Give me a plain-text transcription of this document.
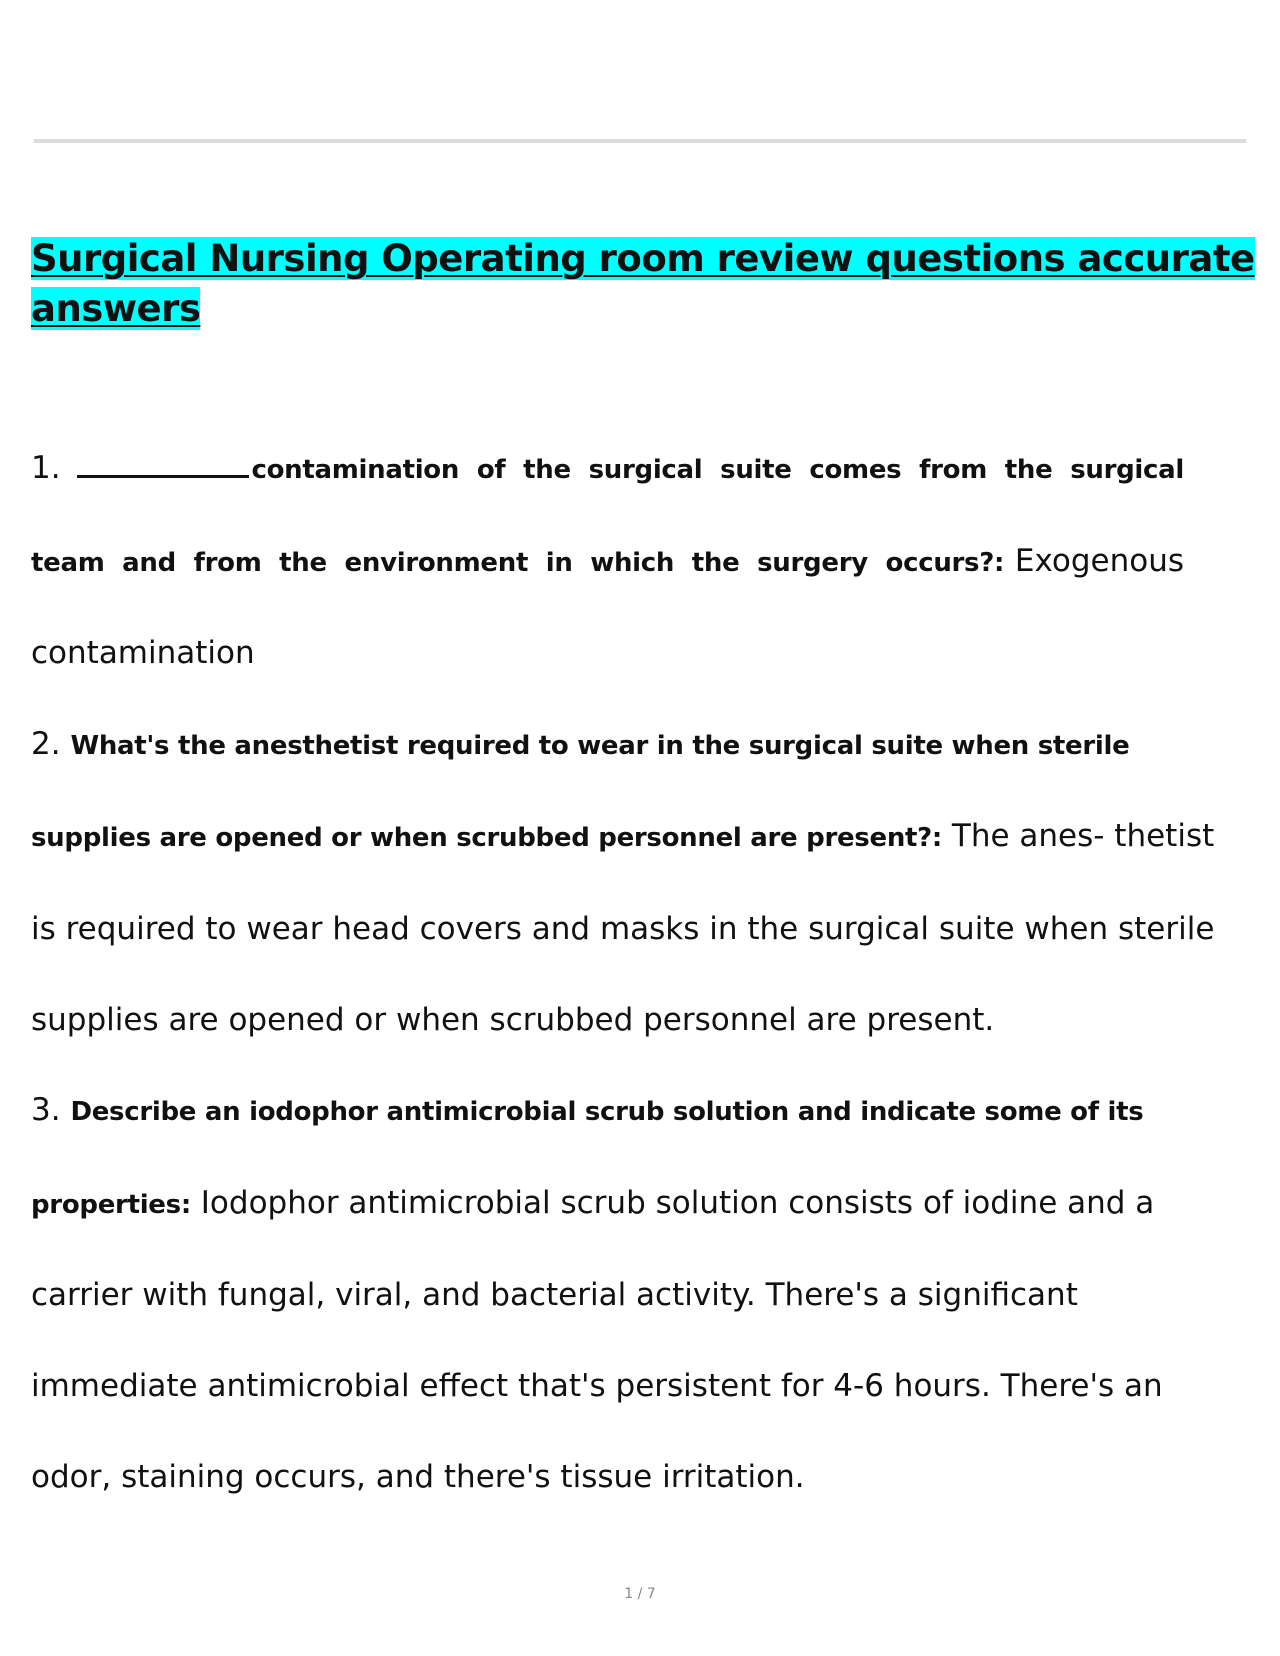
Surgical Nursing Operating room review questions accurate answers

1.	contamination of the surgical suite comes from the surgical team and from the environment in which the surgery occurs?: Exogenous contamination

2. What's the anesthetist required to wear in the surgical suite when sterile supplies are opened or when scrubbed personnel are present?: The anes- thetist is required to wear head covers and masks in the surgical suite when sterile supplies are opened or when scrubbed personnel are present.

3. Describe an iodophor antimicrobial scrub solution and indicate some of its properties: Iodophor antimicrobial scrub solution consists of iodine and a carrier with fungal, viral, and bacterial activity. There's a significant immediate antimicrobial effect that's persistent for 4-6 hours. There's an odor, staining occurs, and there's tissue irritation.

1 / 7
